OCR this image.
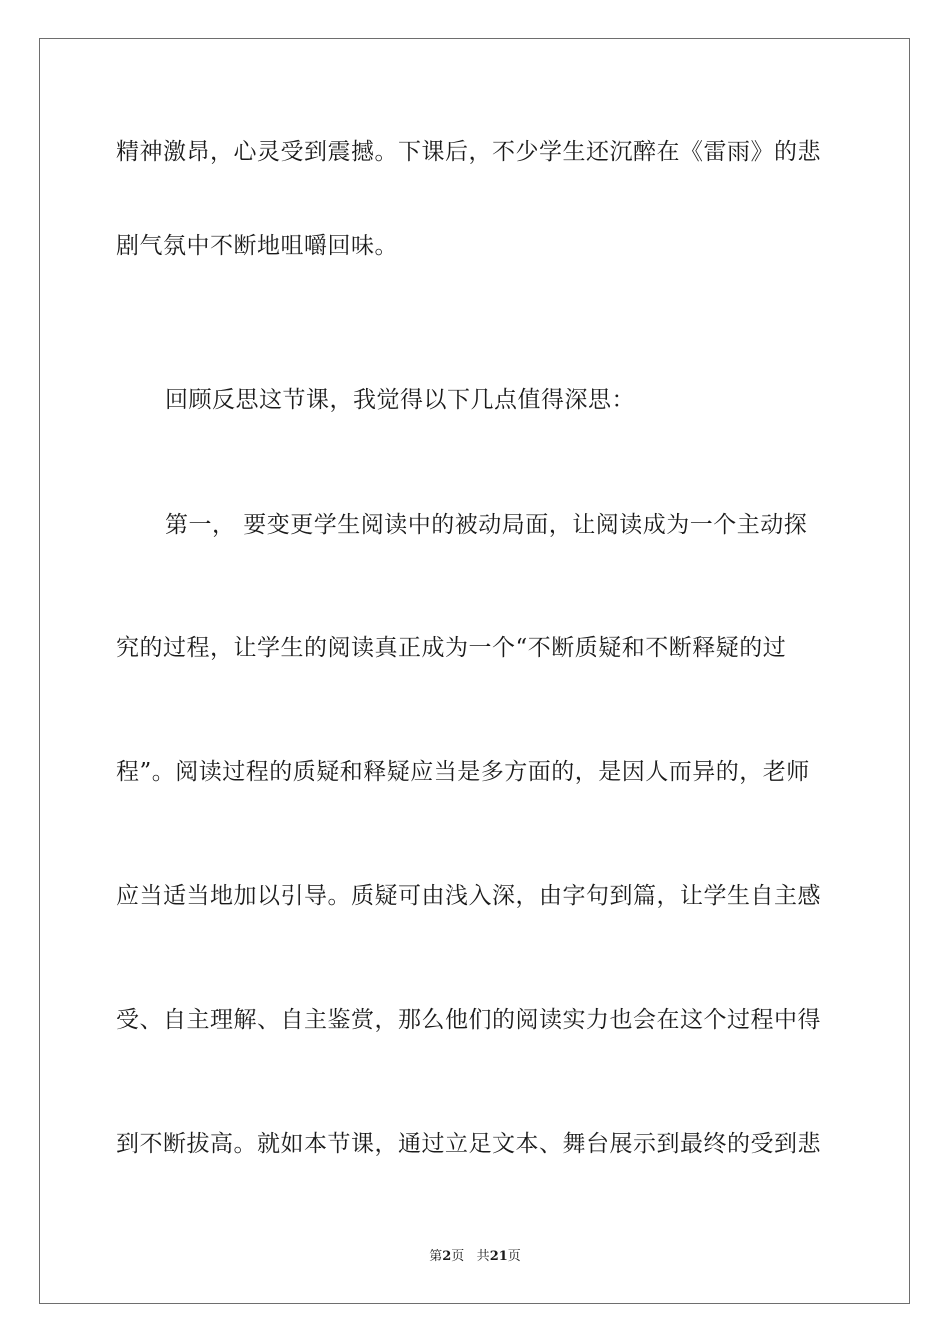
精神激昂，心灵受到震撼。下课后，不少学生还沉醉在《雷雨》的悲
剧气氛中不断地咀嚼回味。
回顾反思这节课，我觉得以下几点值得深思：
第一， 要变更学生阅读中的被动局面，让阅读成为一个主动探
究的过程，让学生的阅读真正成为一个“不断质疑和不断释疑的过
程”。阅读过程的质疑和释疑应当是多方面的，是因人而异的，老师
应当适当地加以引导。质疑可由浅入深，由字句到篇，让学生自主感
受、自主理解、自主鉴赏，那么他们的阅读实力也会在这个过程中得
到不断拔高。就如本节课，通过立足文本、舞台展示到最终的受到悲
第2页 共21页
